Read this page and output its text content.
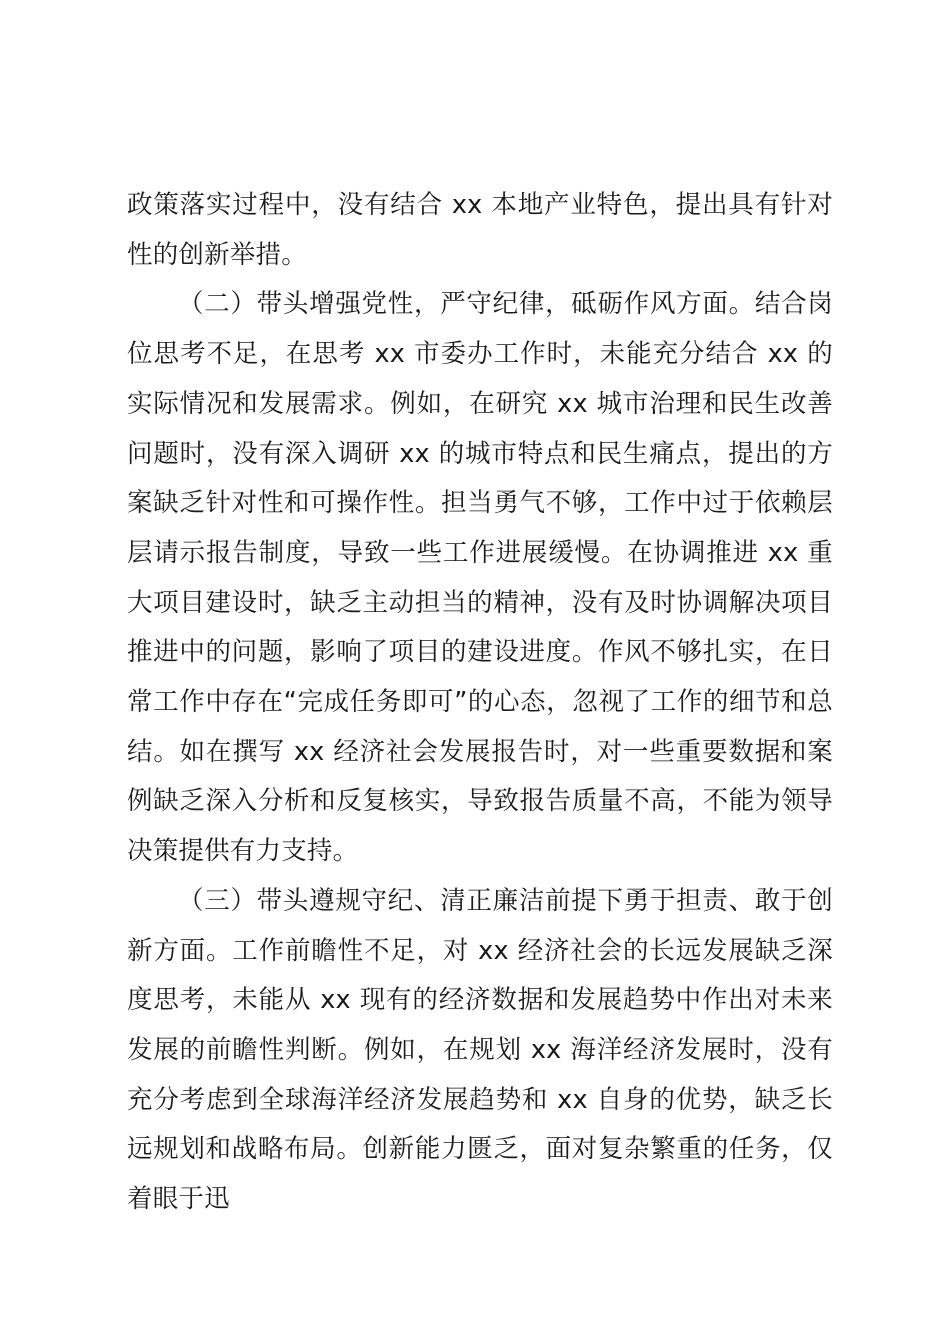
政策落实过程中，没有结合 xx 本地产业特色，提出具有针对性的创新举措。

（二）带头增强党性，严守纪律，砥砺作风方面。结合岗位思考不足，在思考 xx 市委办工作时，未能充分结合 xx 的实际情况和发展需求。例如，在研究 xx 城市治理和民生改善问题时，没有深入调研 xx 的城市特点和民生痛点，提出的方案缺乏针对性和可操作性。担当勇气不够，工作中过于依赖层层请示报告制度，导致一些工作进展缓慢。在协调推进 xx 重大项目建设时，缺乏主动担当的精神，没有及时协调解决项目推进中的问题，影响了项目的建设进度。作风不够扎实，在日常工作中存在“完成任务即可”的心态，忽视了工作的细节和总结。如在撰写 xx 经济社会发展报告时，对一些重要数据和案例缺乏深入分析和反复核实，导致报告质量不高，不能为领导决策提供有力支持。

（三）带头遵规守纪、清正廉洁前提下勇于担责、敢于创新方面。工作前瞻性不足，对 xx 经济社会的长远发展缺乏深度思考，未能从 xx 现有的经济数据和发展趋势中作出对未来发展的前瞻性判断。例如，在规划 xx 海洋经济发展时，没有充分考虑到全球海洋经济发展趋势和 xx 自身的优势，缺乏长远规划和战略布局。创新能力匮乏，面对复杂繁重的任务，仅着眼于迅
